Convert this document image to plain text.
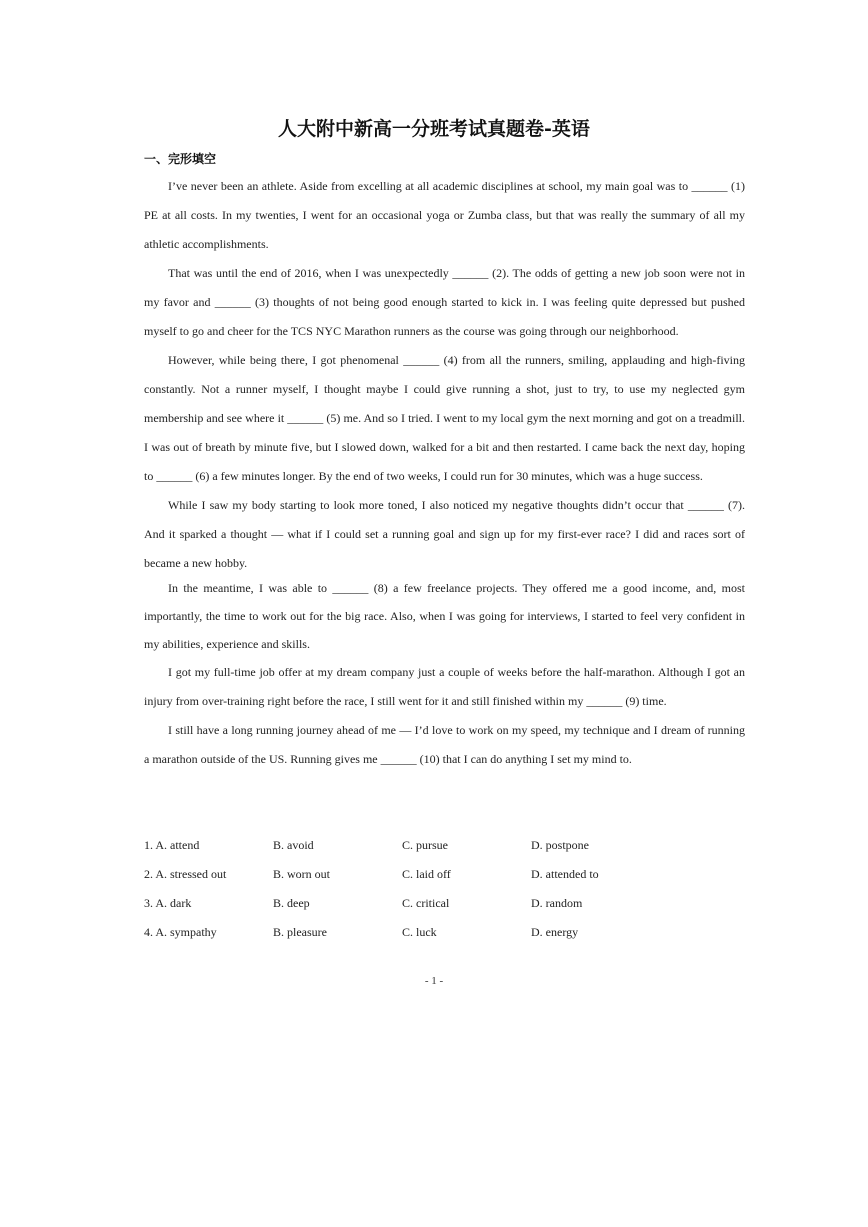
人大附中新高一分班考试真题卷-英语
一、完形填空

I’ve never been an athlete. Aside from excelling at all academic disciplines at school, my main goal was to ______ (1) PE at all costs. In my twenties, I went for an occasional yoga or Zumba class, but that was really the summary of all my athletic accomplishments.

That was until the end of 2016, when I was unexpectedly ______ (2). The odds of getting a new job soon were not in my favor and ______ (3) thoughts of not being good enough started to kick in. I was feeling quite depressed but pushed myself to go and cheer for the TCS NYC Marathon runners as the course was going through our neighborhood.

However, while being there, I got phenomenal ______ (4) from all the runners, smiling, applauding and high-fiving constantly. Not a runner myself, I thought maybe I could give running a shot, just to try, to use my neglected gym membership and see where it ______ (5) me. And so I tried. I went to my local gym the next morning and got on a treadmill. I was out of breath by minute five, but I slowed down, walked for a bit and then restarted. I came back the next day, hoping to ______ (6) a few minutes longer. By the end of two weeks, I could run for 30 minutes, which was a huge success.

While I saw my body starting to look more toned, I also noticed my negative thoughts didn’t occur that ______ (7). And it sparked a thought — what if I could set a running goal and sign up for my first-ever race? I did and races sort of became a new hobby.

In the meantime, I was able to ______ (8) a few freelance projects. They offered me a good income, and, most importantly, the time to work out for the big race. Also, when I was going for interviews, I started to feel very confident in my abilities, experience and skills.

I got my full-time job offer at my dream company just a couple of weeks before the half-marathon. Although I got an injury from over-training right before the race, I still went for it and still finished within my ______ (9) time.

I still have a long running journey ahead of me — I’d love to work on my speed, my technique and I dream of running a marathon outside of the US. Running gives me ______ (10) that I can do anything I set my mind to.

1. A. attend	B. avoid	C. pursue	D. postpone
2. A. stressed out	B. worn out	C. laid off	D. attended to
3. A. dark	B. deep	C. critical	D. random
4. A. sympathy	B. pleasure	C. luck	D. energy
- 1 -
